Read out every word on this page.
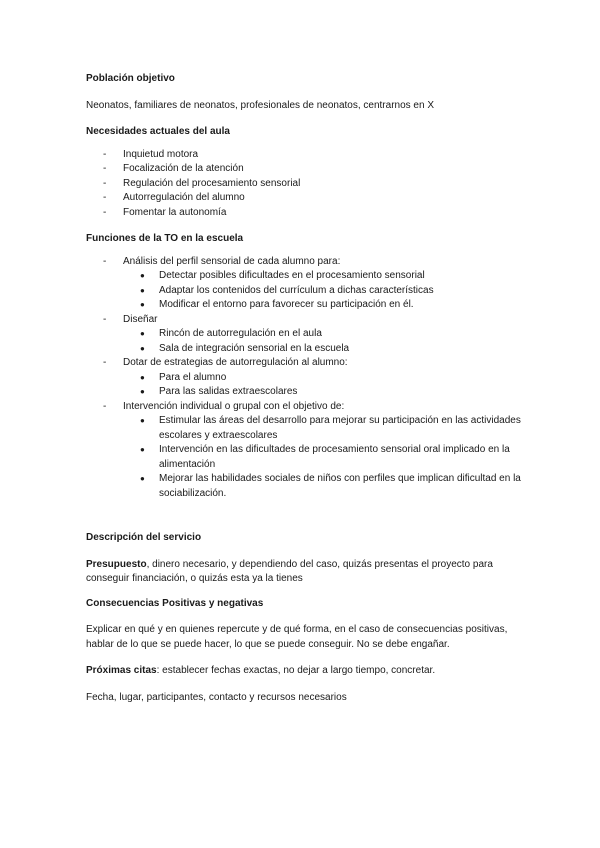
Población objetivo

Neonatos, familiares de neonatos, profesionales de neonatos, centrarnos en X

Necesidades actuales del aula

- Inquietud motora
- Focalización de la atención
- Regulación del procesamiento sensorial
- Autorregulación del alumno
- Fomentar la autonomía

Funciones de la TO en la escuela

- Análisis del perfil sensorial de cada alumno para:
● Detectar posibles dificultades en el procesamiento sensorial
● Adaptar los contenidos del currículum a dichas características
● Modificar el entorno para favorecer su participación en él.
- Diseñar
● Rincón de autorregulación en el aula
● Sala de integración sensorial en la escuela
- Dotar de estrategias de autorregulación al alumno:
● Para el alumno
● Para las salidas extraescolares
- Intervención individual o grupal con el objetivo de:
● Estimular las áreas del desarrollo para mejorar su participación en las actividades escolares y extraescolares
● Intervención en las dificultades de procesamiento sensorial oral implicado en la alimentación
● Mejorar las habilidades sociales de niños con perfiles que implican dificultad en la sociabilización.

Descripción del servicio

Presupuesto, dinero necesario, y dependiendo del caso, quizás presentas el proyecto para conseguir financiación, o quizás esta ya la tienes

Consecuencias Positivas y negativas

Explicar en qué y en quienes repercute y de qué forma, en el caso de consecuencias positivas, hablar de lo que se puede hacer, lo que se puede conseguir. No se debe engañar.

Próximas citas: establecer fechas exactas, no dejar a largo tiempo, concretar.

Fecha, lugar, participantes, contacto y recursos necesarios
